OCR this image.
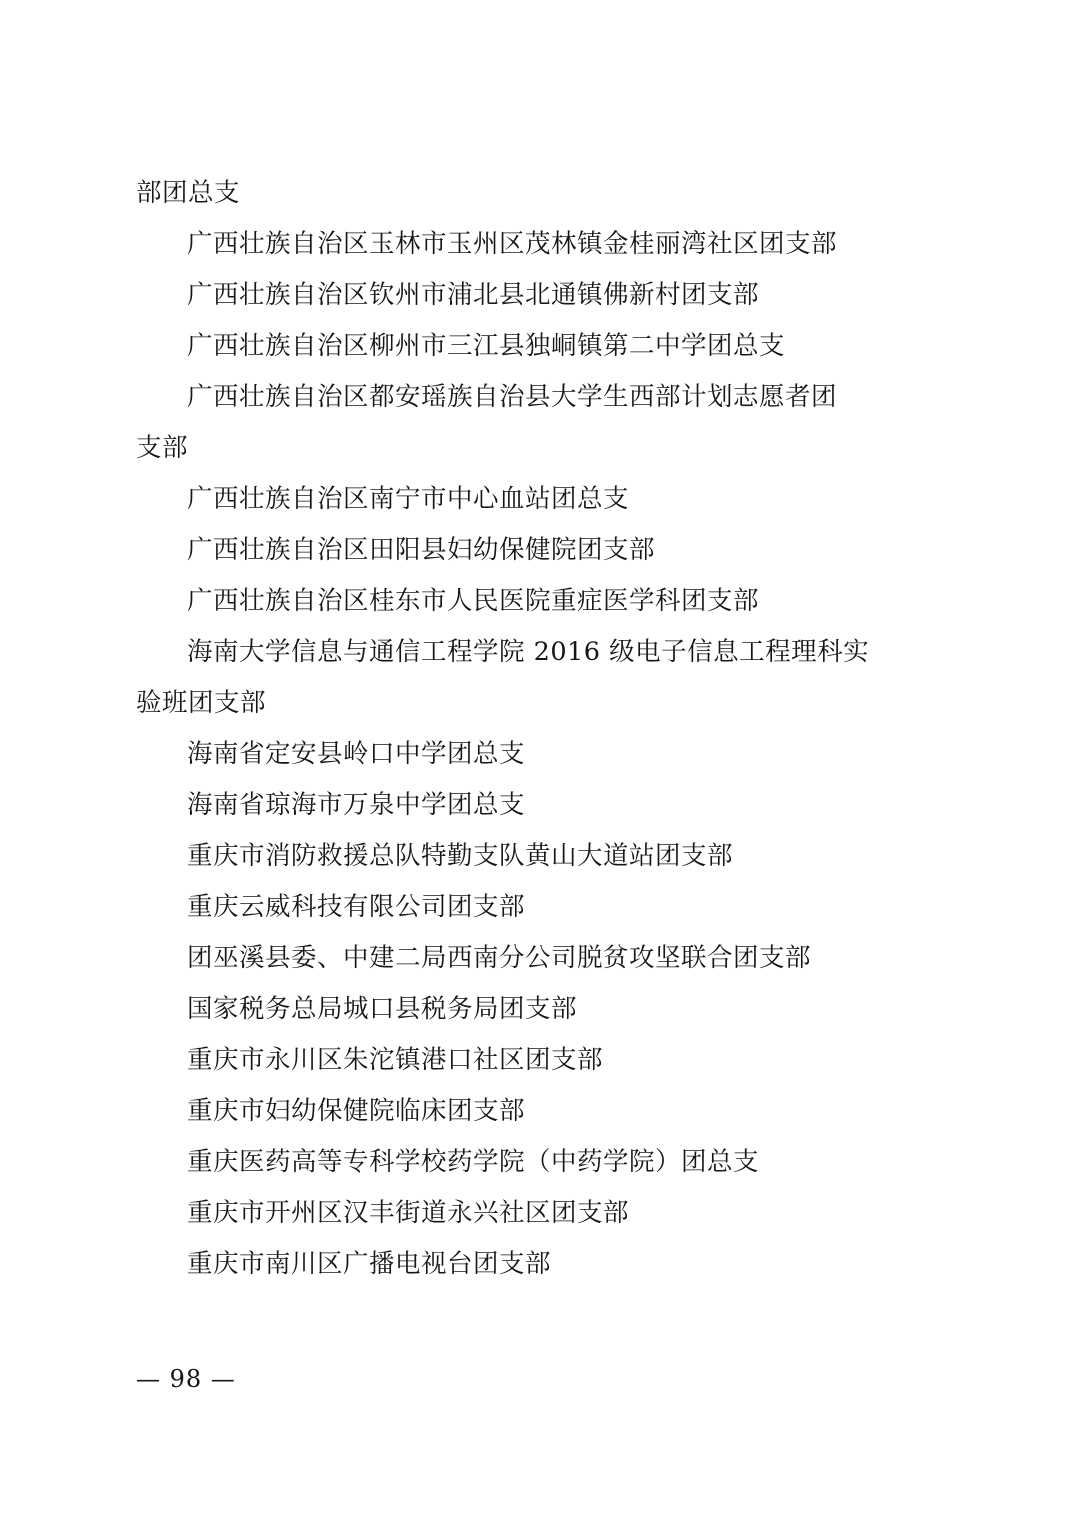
部团总支

广西壮族自治区玉林市玉州区茂林镇金桂丽湾社区团支部

广西壮族自治区钦州市浦北县北通镇佛新村团支部

广西壮族自治区柳州市三江县独峒镇第二中学团总支

广西壮族自治区都安瑶族自治县大学生西部计划志愿者团

支部

广西壮族自治区南宁市中心血站团总支

广西壮族自治区田阳县妇幼保健院团支部

广西壮族自治区桂东市人民医院重症医学科团支部

海南大学信息与通信工程学院 2016 级电子信息工程理科实

验班团支部

海南省定安县岭口中学团总支

海南省琼海市万泉中学团总支

重庆市消防救援总队特勤支队黄山大道站团支部

重庆云威科技有限公司团支部

团巫溪县委、中建二局西南分公司脱贫攻坚联合团支部

国家税务总局城口县税务局团支部

重庆市永川区朱沱镇港口社区团支部

重庆市妇幼保健院临床团支部

重庆医药高等专科学校药学院（中药学院）团总支

重庆市开州区汉丰街道永兴社区团支部

重庆市南川区广播电视台团支部

— 98 —
